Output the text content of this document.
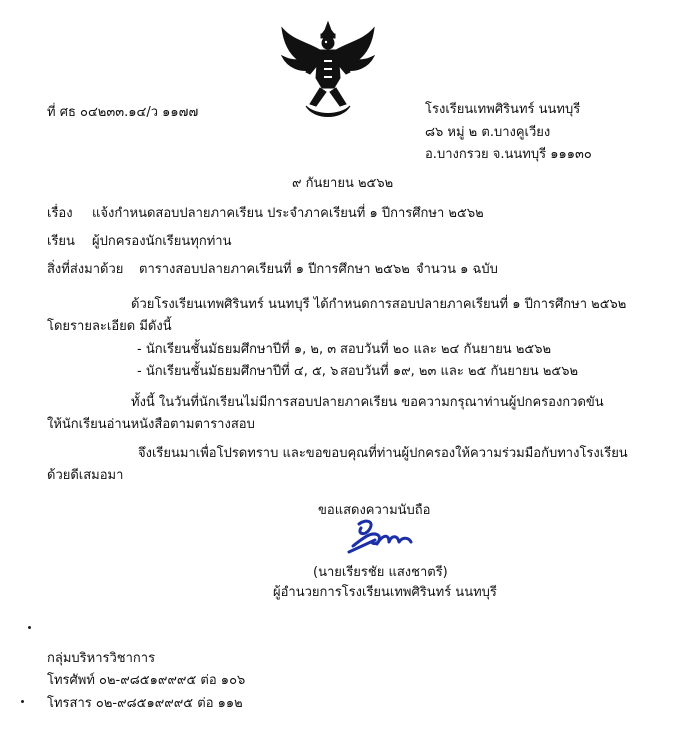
ที่ ศธ ๐๔๒๓๓.๑๔/ว ๑๑๗๗	โรงเรียนเทพศิรินทร์ นนทบุรี
๘๖ หมู่ ๒ ต.บางคูเวียง
อ.บางกรวย จ.นนทบุรี ๑๑๑๓๐
๙ กันยายน ๒๕๖๒
เรื่อง แจ้งกำหนดสอบปลายภาคเรียน ประจำภาคเรียนที่ ๑ ปีการศึกษา ๒๕๖๒
เรียน ผู้ปกครองนักเรียนทุกท่าน
สิ่งที่ส่งมาด้วย ตารางสอบปลายภาคเรียนที่ ๑ ปีการศึกษา ๒๕๖๒ จำนวน ๑ ฉบับ
ด้วยโรงเรียนเทพศิรินทร์ นนทบุรี ได้กำหนดการสอบปลายภาคเรียนที่ ๑ ปีการศึกษา ๒๕๖๒
โดยรายละเอียด มีดังนี้
- นักเรียนชั้นมัธยมศึกษาปีที่ ๑, ๒, ๓ สอบวันที่ ๒๐ และ ๒๔ กันยายน ๒๕๖๒
- นักเรียนชั้นมัธยมศึกษาปีที่ ๔, ๕, ๖ สอบวันที่ ๑๙, ๒๓ และ ๒๕ กันยายน ๒๕๖๒
ทั้งนี้ ในวันที่นักเรียนไม่มีการสอบปลายภาคเรียน ขอความกรุณาท่านผู้ปกครองกวดขัน
ให้นักเรียนอ่านหนังสือตามตารางสอบ
จึงเรียนมาเพื่อโปรดทราบ และขอขอบคุณที่ท่านผู้ปกครองให้ความร่วมมือกับทางโรงเรียน
ด้วยดีเสมอมา
ขอแสดงความนับถือ
(นายเรียรชัย แสงชาตรี)
ผู้อำนวยการโรงเรียนเทพศิรินทร์ นนทบุรี
กลุ่มบริหารวิชาการ
โทรศัพท์ ๐๒-๙๘๕๑๙๙๙๕ ต่อ ๑๐๖
โทรสาร ๐๒-๙๘๕๑๙๙๙๕ ต่อ ๑๑๒
